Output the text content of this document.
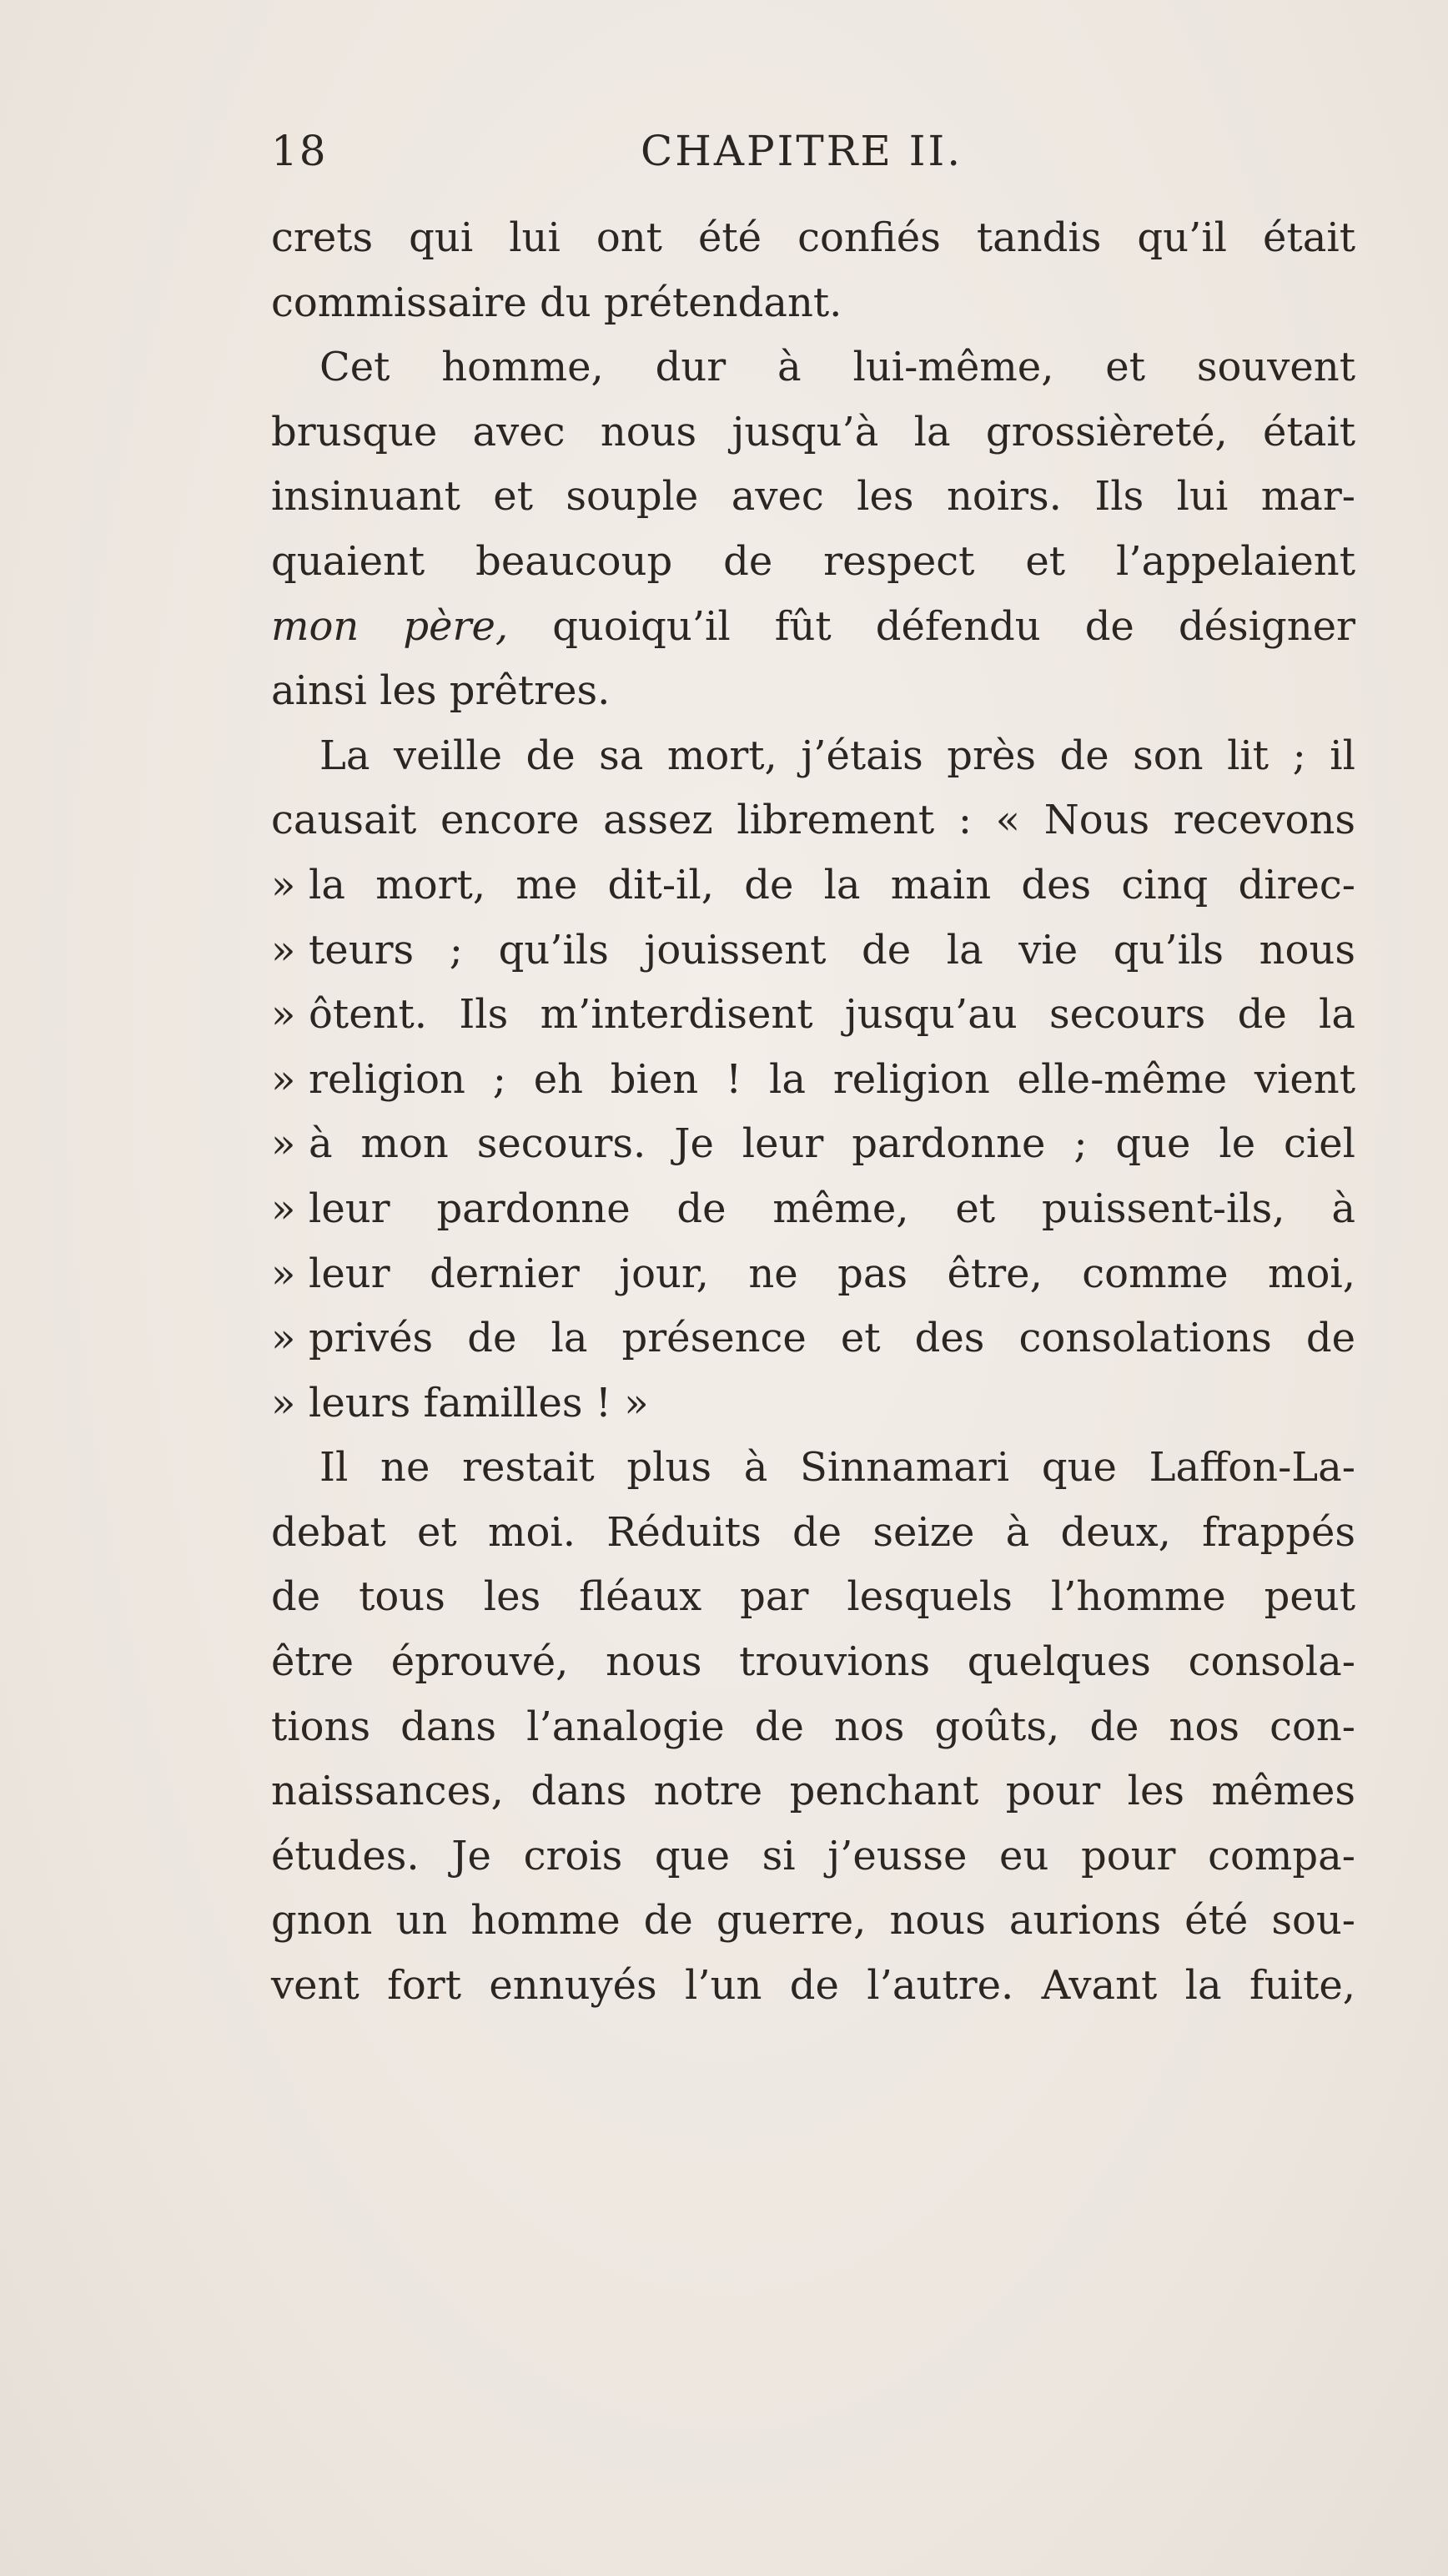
18	CHAPITRE II.
crets qui lui ont été confiés tandis qu’il était
commissaire du prétendant.
Cet homme, dur à lui-même, et souvent
brusque avec nous jusqu’à la grossièreté, était
insinuant et souple avec les noirs. Ils lui mar-
quaient beaucoup de respect et l’appelaient
mon père, quoiqu’il fût défendu de désigner
ainsi les prêtres.
La veille de sa mort, j’étais près de son lit ; il
causait encore assez librement : « Nous recevons
» la mort, me dit-il, de la main des cinq direc-
» teurs ; qu’ils jouissent de la vie qu’ils nous
» ôtent. Ils m’interdisent jusqu’au secours de la
» religion ; eh bien ! la religion elle-même vient
» à mon secours. Je leur pardonne ; que le ciel
» leur pardonne de même, et puissent-ils, à
» leur dernier jour, ne pas être, comme moi,
» privés de la présence et des consolations de
» leurs familles ! »
Il ne restait plus à Sinnamari que Laffon-La-
debat et moi. Réduits de seize à deux, frappés
de tous les fléaux par lesquels l’homme peut
être éprouvé, nous trouvions quelques consola-
tions dans l’analogie de nos goûts, de nos con-
naissances, dans notre penchant pour les mêmes
études. Je crois que si j’eusse eu pour compa-
gnon un homme de guerre, nous aurions été sou-
vent fort ennuyés l’un de l’autre. Avant la fuite,
